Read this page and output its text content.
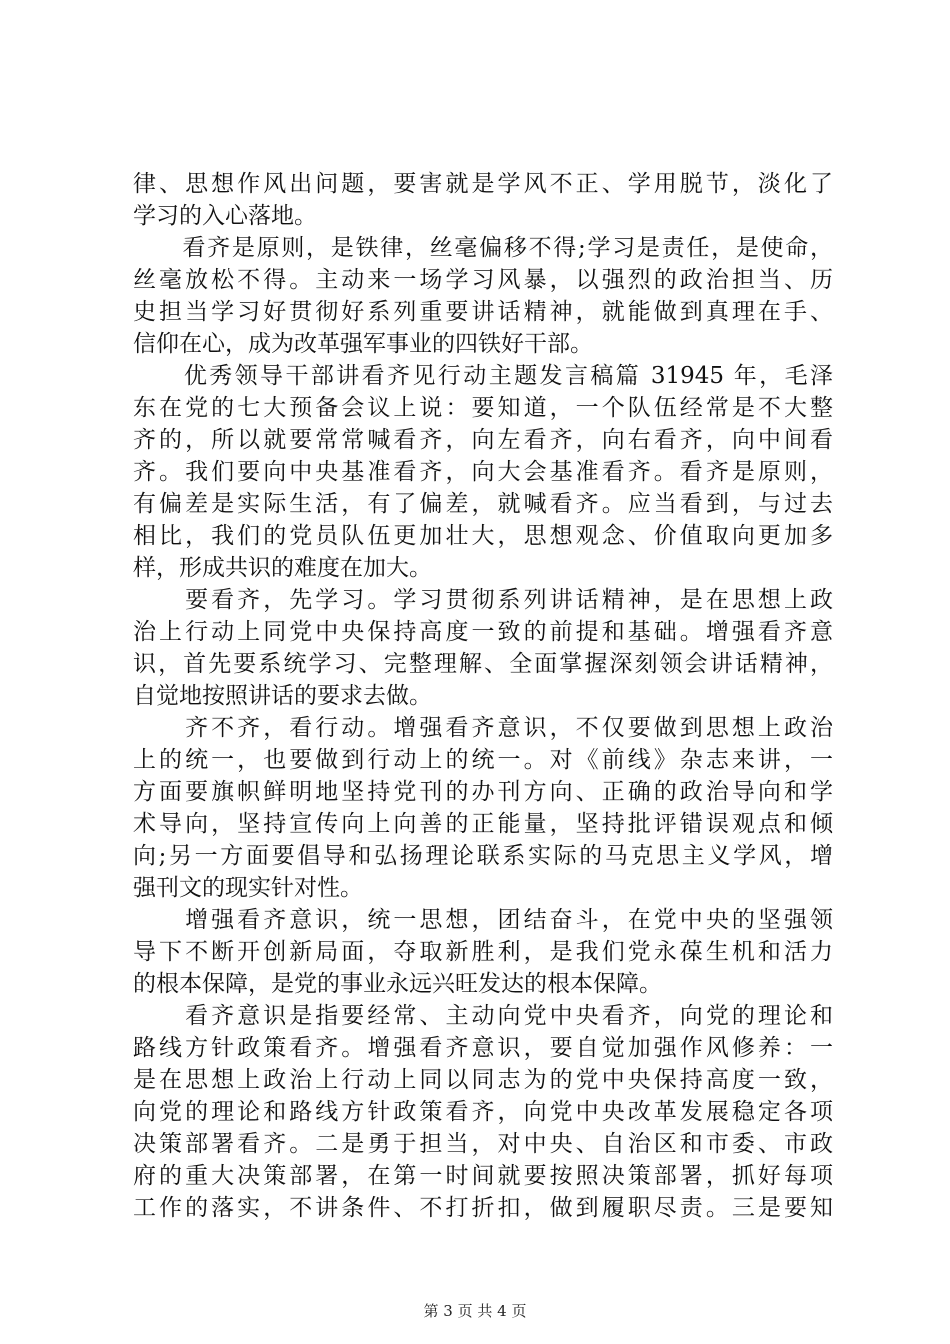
律、思想作风出问题，要害就是学风不正、学用脱节，淡化了
学习的入心落地。
　　看齐是原则，是铁律，丝毫偏移不得;学习是责任，是使命，
丝毫放松不得。主动来一场学习风暴，以强烈的政治担当、历
史担当学习好贯彻好系列重要讲话精神，就能做到真理在手、
信仰在心，成为改革强军事业的四铁好干部。
　　优秀领导干部讲看齐见行动主题发言稿篇 31945 年，毛泽
东在党的七大预备会议上说：要知道，一个队伍经常是不大整
齐的，所以就要常常喊看齐，向左看齐，向右看齐，向中间看
齐。我们要向中央基准看齐，向大会基准看齐。看齐是原则，
有偏差是实际生活，有了偏差，就喊看齐。应当看到，与过去
相比，我们的党员队伍更加壮大，思想观念、价值取向更加多
样，形成共识的难度在加大。
　　要看齐，先学习。学习贯彻系列讲话精神，是在思想上政
治上行动上同党中央保持高度一致的前提和基础。增强看齐意
识，首先要系统学习、完整理解、全面掌握深刻领会讲话精神，
自觉地按照讲话的要求去做。
　　齐不齐，看行动。增强看齐意识，不仅要做到思想上政治
上的统一，也要做到行动上的统一。对《前线》杂志来讲，一
方面要旗帜鲜明地坚持党刊的办刊方向、正确的政治导向和学
术导向，坚持宣传向上向善的正能量，坚持批评错误观点和倾
向;另一方面要倡导和弘扬理论联系实际的马克思主义学风，增
强刊文的现实针对性。
　　增强看齐意识，统一思想，团结奋斗，在党中央的坚强领
导下不断开创新局面，夺取新胜利，是我们党永葆生机和活力
的根本保障，是党的事业永远兴旺发达的根本保障。
　　看齐意识是指要经常、主动向党中央看齐，向党的理论和
路线方针政策看齐。增强看齐意识，要自觉加强作风修养：一
是在思想上政治上行动上同以同志为的党中央保持高度一致，
向党的理论和路线方针政策看齐，向党中央改革发展稳定各项
决策部署看齐。二是勇于担当，对中央、自治区和市委、市政
府的重大决策部署，在第一时间就要按照决策部署，抓好每项
工作的落实，不讲条件、不打折扣，做到履职尽责。三是要知
第 3 页 共 4 页
